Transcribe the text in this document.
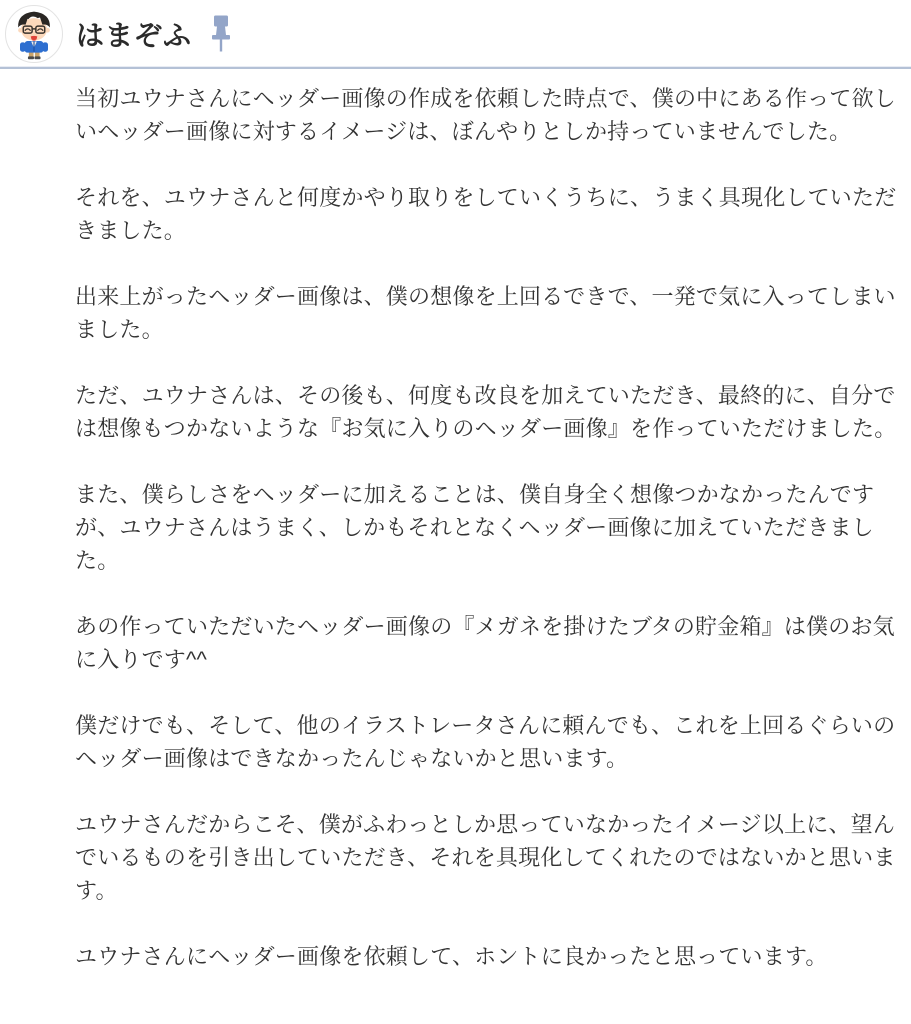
はまぞふ

当初ユウナさんにヘッダー画像の作成を依頼した時点で、僕の中にある作って欲しいヘッダー画像に対するイメージは、ぼんやりとしか持っていませんでした。

それを、ユウナさんと何度かやり取りをしていくうちに、うまく具現化していただきました。

出来上がったヘッダー画像は、僕の想像を上回るできで、一発で気に入ってしまいました。

ただ、ユウナさんは、その後も、何度も改良を加えていただき、最終的に、自分では想像もつかないような『お気に入りのヘッダー画像』を作っていただけました。

また、僕らしさをヘッダーに加えることは、僕自身全く想像つかなかったんですが、ユウナさんはうまく、しかもそれとなくヘッダー画像に加えていただきました。

あの作っていただいたヘッダー画像の『メガネを掛けたブタの貯金箱』は僕のお気に入りです^^

僕だけでも、そして、他のイラストレータさんに頼んでも、これを上回るぐらいのヘッダー画像はできなかったんじゃないかと思います。

ユウナさんだからこそ、僕がふわっとしか思っていなかったイメージ以上に、望んでいるものを引き出していただき、それを具現化してくれたのではないかと思います。

ユウナさんにヘッダー画像を依頼して、ホントに良かったと思っています。
